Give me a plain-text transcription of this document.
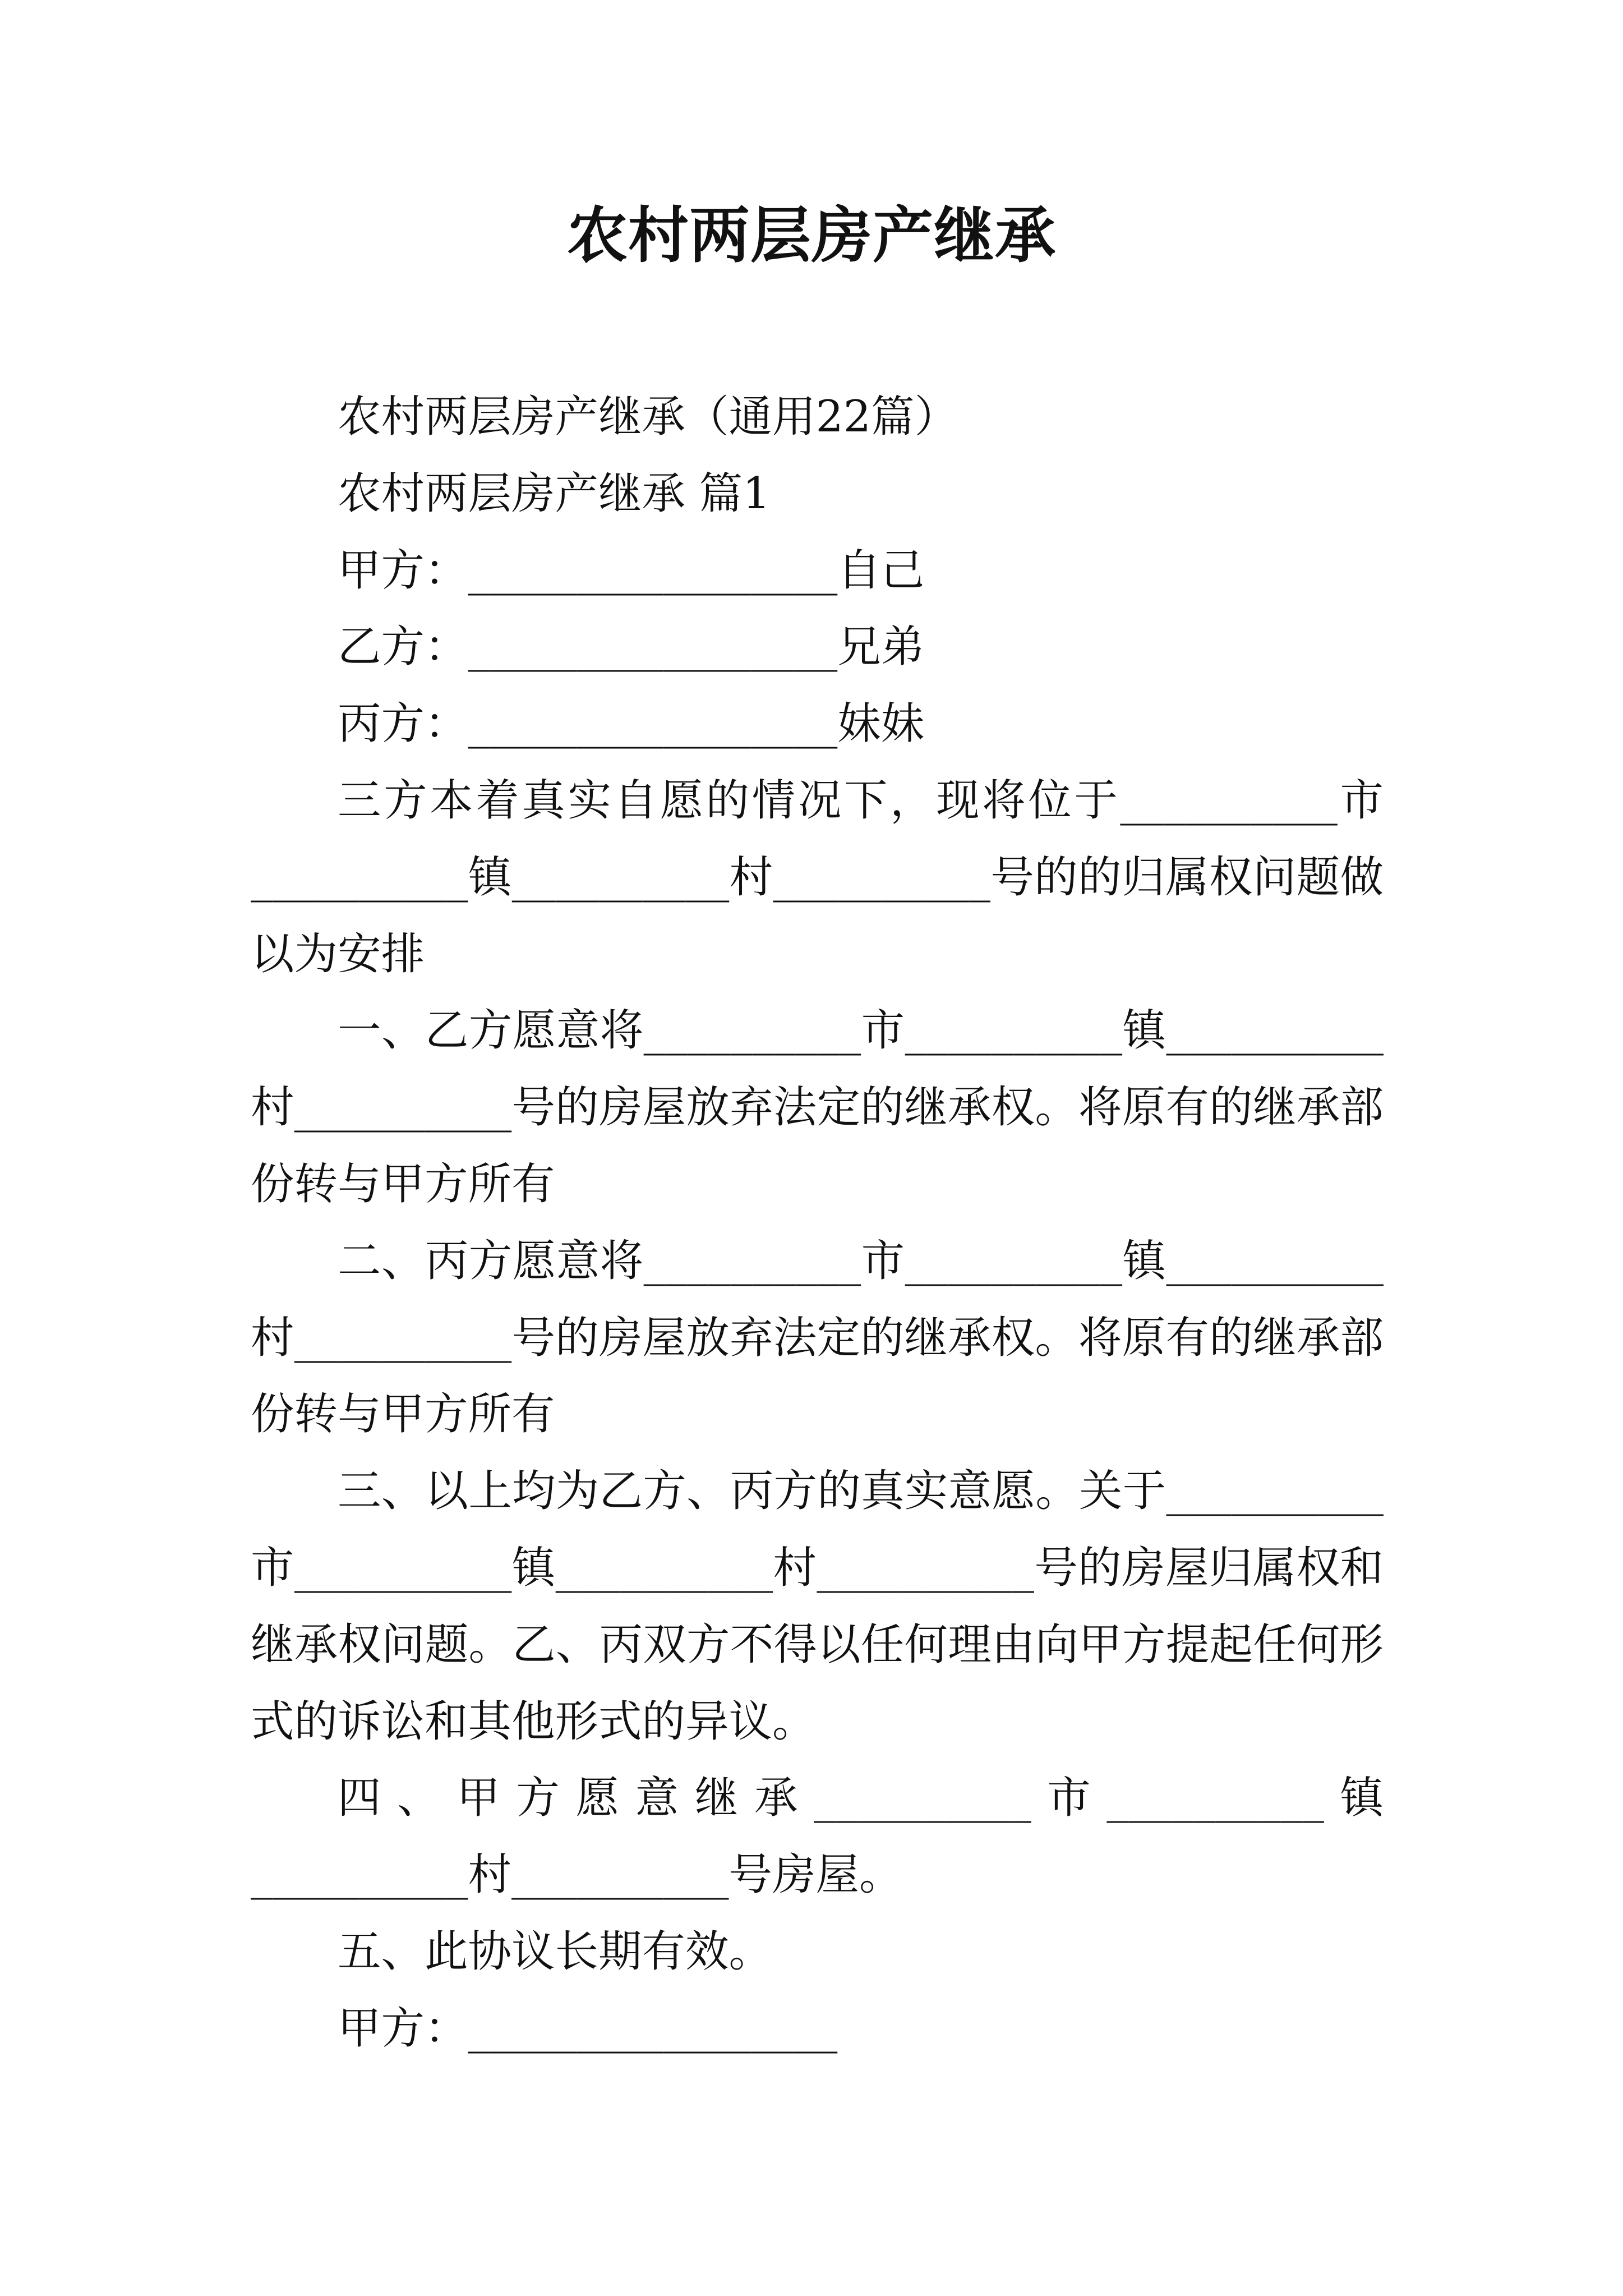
农村两层房产继承
农村两层房产继承（通用22篇）
农村两层房产继承 篇1
甲方：_________________自己
乙方：_________________兄弟
丙方：_________________妹妹
三方本着真实自愿的情况下，现将位于__________市
__________镇__________村__________号的的归属权问题做
以为安排
一、乙方愿意将__________市__________镇__________
村__________号的房屋放弃法定的继承权。将原有的继承部
份转与甲方所有
二、丙方愿意将__________市__________镇__________
村__________号的房屋放弃法定的继承权。将原有的继承部
份转与甲方所有
三、以上均为乙方、丙方的真实意愿。关于__________
市__________镇__________村__________号的房屋归属权和
继承权问题。乙、丙双方不得以任何理由向甲方提起任何形
式的诉讼和其他形式的异议。
四、甲方愿意继承__________市__________镇
__________村__________号房屋。
五、此协议长期有效。
甲方：_________________
